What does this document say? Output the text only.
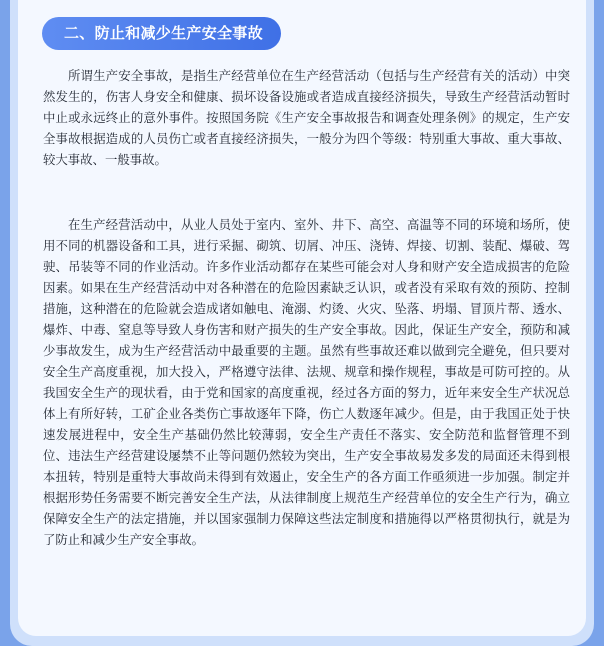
二、防止和减少生产安全事故

所谓生产安全事故，是指生产经营单位在生产经营活动（包括与生产经营有关的活动）中突然发生的，伤害人身安全和健康、损坏设备设施或者造成直接经济损失，导致生产经营活动暂时中止或永远终止的意外事件。按照国务院《生产安全事故报告和调查处理条例》的规定，生产安全事故根据造成的人员伤亡或者直接经济损失，一般分为四个等级：特别重大事故、重大事故、较大事故、一般事故。

在生产经营活动中，从业人员处于室内、室外、井下、高空、高温等不同的环境和场所，使用不同的机器设备和工具，进行采掘、砌筑、切屑、冲压、浇铸、焊接、切割、装配、爆破、驾驶、吊装等不同的作业活动。许多作业活动都存在某些可能会对人身和财产安全造成损害的危险因素。如果在生产经营活动中对各种潜在的危险因素缺乏认识，或者没有采取有效的预防、控制措施，这种潜在的危险就会造成诸如触电、淹溺、灼烫、火灾、坠落、坍塌、冒顶片帮、透水、爆炸、中毒、窒息等导致人身伤害和财产损失的生产安全事故。因此，保证生产安全，预防和减少事故发生，成为生产经营活动中最重要的主题。虽然有些事故还难以做到完全避免，但只要对安全生产高度重视，加大投入，严格遵守法律、法规、规章和操作规程，事故是可防可控的。从我国安全生产的现状看，由于党和国家的高度重视，经过各方面的努力，近年来安全生产状况总体上有所好转，工矿企业各类伤亡事故逐年下降，伤亡人数逐年减少。但是，由于我国正处于快速发展进程中，安全生产基础仍然比较薄弱，安全生产责任不落实、安全防范和监督管理不到位、违法生产经营建设屡禁不止等问题仍然较为突出，生产安全事故易发多发的局面还未得到根本扭转，特别是重特大事故尚未得到有效遏止，安全生产的各方面工作亟须进一步加强。制定并根据形势任务需要不断完善安全生产法，从法律制度上规范生产经营单位的安全生产行为，确立保障安全生产的法定措施，并以国家强制力保障这些法定制度和措施得以严格贯彻执行，就是为了防止和减少生产安全事故。
